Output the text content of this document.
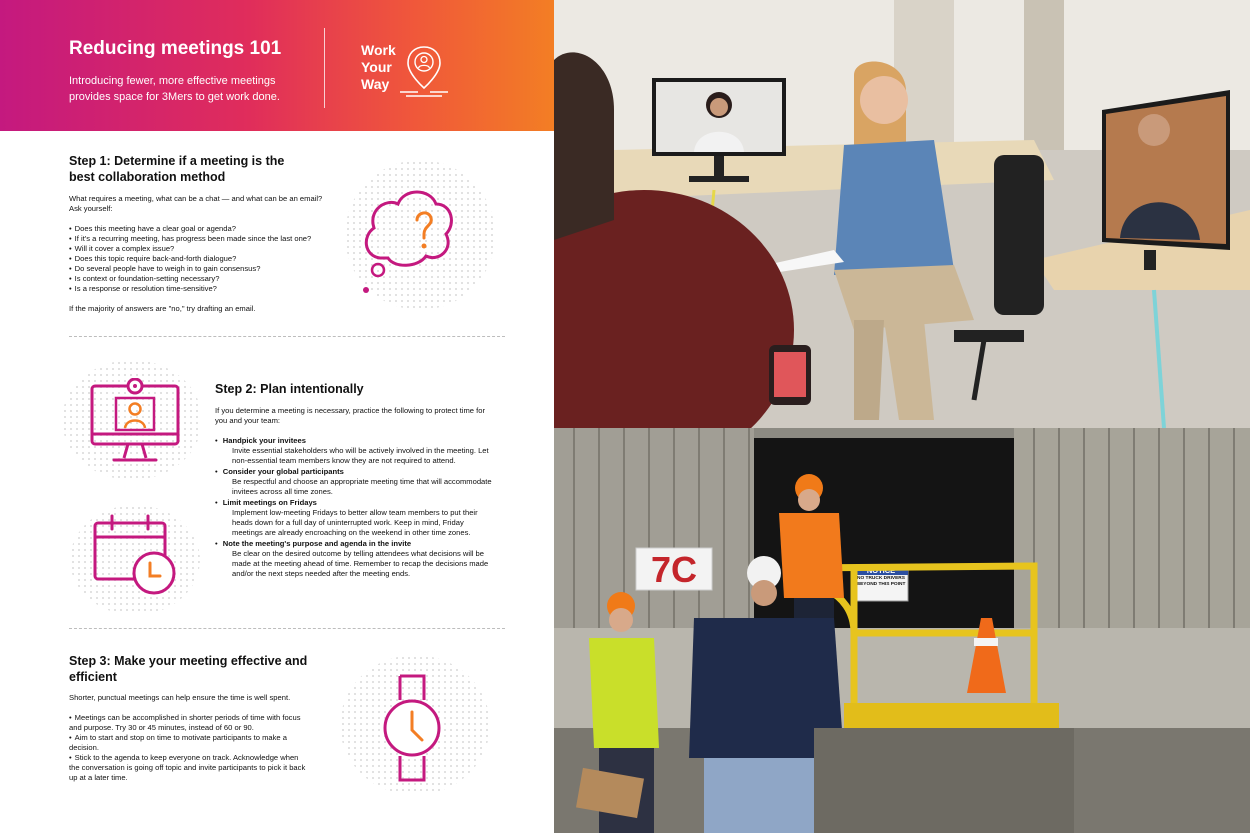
Reducing meetings 101
Introducing fewer, more effective meetings provides space for 3Mers to get work done.
Work
Your
Way
Step 1: Determine if a meeting is the best collaboration method

What requires a meeting, what can be a chat — and what can be an email? Ask yourself:

• Does this meeting have a clear goal or agenda?
• If it's a recurring meeting, has progress been made since the last one?
• Will it cover a complex issue?
• Does this topic require back-and-forth dialogue?
• Do several people have to weigh in to gain consensus?
• Is context or foundation-setting necessary?
• Is a response or resolution time-sensitive?

If the majority of answers are "no," try drafting an email.

Step 2: Plan intentionally

If you determine a meeting is necessary, practice the following to protect time for you and your team:

• Handpick your invitees
Invite essential stakeholders who will be actively involved in the meeting. Let non-essential team members know they are not required to attend.
• Consider your global participants
Be respectful and choose an appropriate meeting time that will accommodate invitees across all time zones.
• Limit meetings on Fridays
Implement low-meeting Fridays to better allow team members to put their heads down for a full day of uninterrupted work. Keep in mind, Friday meetings are already encroaching on the weekend in other time zones.
• Note the meeting's purpose and agenda in the invite
Be clear on the desired outcome by telling attendees what decisions will be made at the meeting ahead of time. Remember to recap the decisions made and/or the next steps needed after the meeting ends.
Step 3: Make your meeting effective and efficient

Shorter, punctual meetings can help ensure the time is well spent.

• Meetings can be accomplished in shorter periods of time with focus and purpose. Try 30 or 45 minutes, instead of 60 or 90.
• Aim to start and stop on time to motivate participants to make a decision.
• Stick to the agenda to keep everyone on track. Acknowledge when the conversation is going off topic and invite participants to pick it back up at a later time.
7C	NOTICE
NO TRUCK DRIVERS BEYOND THIS POINT
